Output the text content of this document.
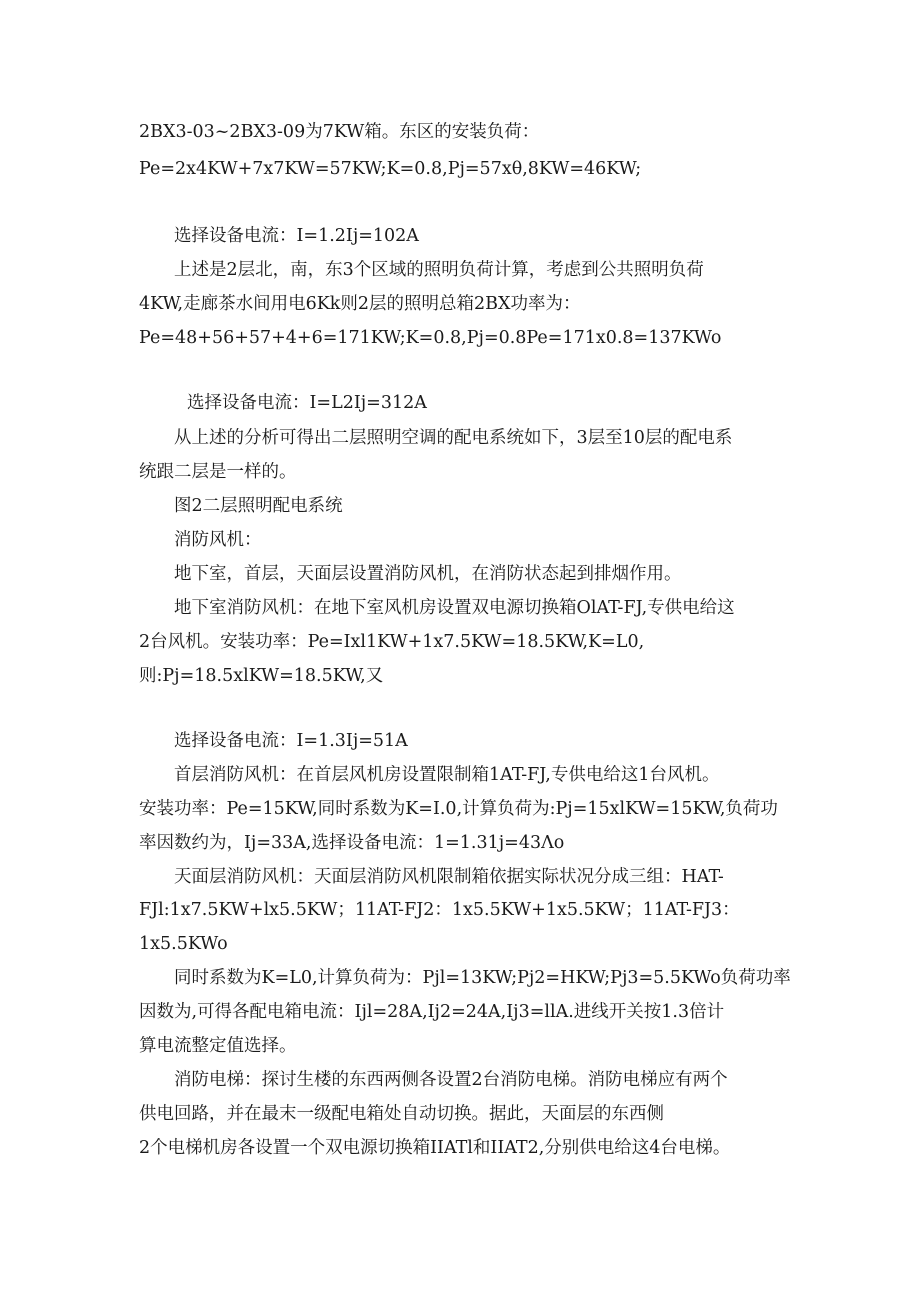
2BX3-03~2BX3-09为7KW箱。东区的安装负荷：
Pe=2x4KW+7x7KW=57KW;K=0.8,Pj=57xθ,8KW=46KW;
选择设备电流：I=1.2Ij=102A
上述是2层北，南，东3个区域的照明负荷计算，考虑到公共照明负荷
4KW,走廊茶水间用电6Kk则2层的照明总箱2BX功率为：
Pe=48+56+57+4+6=171KW;K=0.8,Pj=0.8Pe=171x0.8=137KWo
选择设备电流：I=L2Ij=312A
从上述的分析可得出二层照明空调的配电系统如下，3层至10层的配电系
统跟二层是一样的。
图2二层照明配电系统
消防风机：
地下室，首层，天面层设置消防风机，在消防状态起到排烟作用。
地下室消防风机：在地下室风机房设置双电源切换箱OlAT-FJ,专供电给这
2台风机。安装功率：Pe=Ixl1KW+1x7.5KW=18.5KW,K=L0,
则:Pj=18.5xlKW=18.5KW,又
选择设备电流：I=1.3Ij=51A
首层消防风机：在首层风机房设置限制箱1AT-FJ,专供电给这1台风机。
安装功率：Pe=15KW,同时系数为K=I.0,计算负荷为:Pj=15xlKW=15KW,负荷功
率因数约为，Ij=33A,选择设备电流：1=1.31j=43Λo
天面层消防风机：天面层消防风机限制箱依据实际状况分成三组：HAT-
FJl:1x7.5KW+lx5.5KW；11AT-FJ2：1x5.5KW+1x5.5KW；11AT-FJ3：
1x5.5KWo
同时系数为K=L0,计算负荷为：Pjl=13KW;Pj2=HKW;Pj3=5.5KWo负荷功率
因数为,可得各配电箱电流：Ijl=28A,Ij2=24A,Ij3=llA.进线开关按1.3倍计
算电流整定值选择。
消防电梯：探讨生楼的东西两侧各设置2台消防电梯。消防电梯应有两个
供电回路，并在最末一级配电箱处自动切换。据此，天面层的东西侧
2个电梯机房各设置一个双电源切换箱IIATl和IIAT2,分别供电给这4台电梯。
